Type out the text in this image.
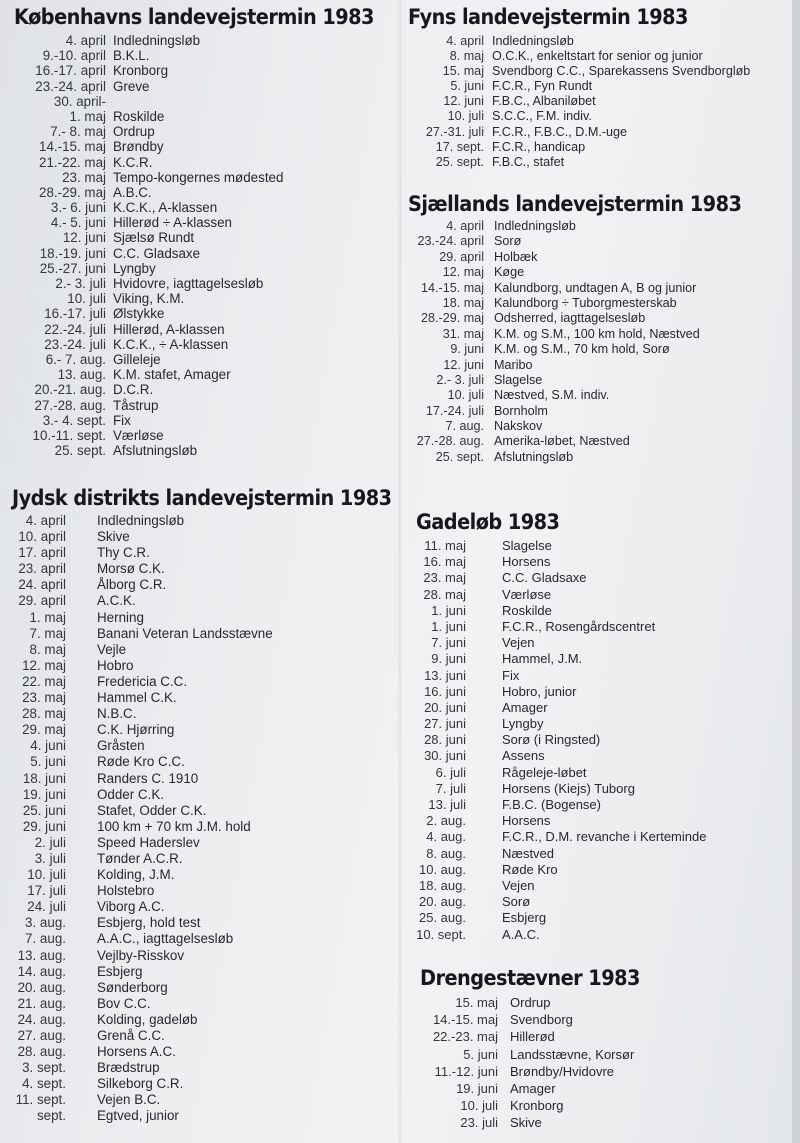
Københavns landevejstermin 1983
4. april Indledningsløb
9.-10. april B.K.L.
16.-17. april Kronborg
23.-24. april Greve
30. april-
1. maj Roskilde
7.- 8. maj Ordrup
14.-15. maj Brøndby
21.-22. maj K.C.R.
23. maj Tempo-kongernes mødested
28.-29. maj A.B.C.
3.- 6. juni K.C.K., A-klassen
4.- 5. juni Hillerød ÷ A-klassen
12. juni Sjælsø Rundt
18.-19. juni C.C. Gladsaxe
25.-27. juni Lyngby
2.- 3. juli Hvidovre, iagttagelsesløb
10. juli Viking, K.M.
16.-17. juli Ølstykke
22.-24. juli Hillerød, A-klassen
23.-24. juli K.C.K., ÷ A-klassen
6.- 7. aug. Gilleleje
13. aug. K.M. stafet, Amager
20.-21. aug. D.C.R.
27.-28. aug. Tåstrup
3.- 4. sept. Fix
10.-11. sept. Værløse
25. sept. Afslutningsløb
Jydsk distrikts landevejstermin 1983
4. april Indledningsløb
10. april Skive
17. april Thy C.R.
23. april Morsø C.K.
24. april Ålborg C.R.
29. april A.C.K.
1. maj Herning
7. maj Banani Veteran Landsstævne
8. maj Vejle
12. maj Hobro
22. maj Fredericia C.C.
23. maj Hammel C.K.
28. maj N.B.C.
29. maj C.K. Hjørring
4. juni Gråsten
5. juni Røde Kro C.C.
18. juni Randers C. 1910
19. juni Odder C.K.
25. juni Stafet, Odder C.K.
29. juni 100 km + 70 km J.M. hold
2. juli Speed Haderslev
3. juli Tønder A.C.R.
10. juli Kolding, J.M.
17. juli Holstebro
24. juli Viborg A.C.
3. aug. Esbjerg, hold test
7. aug. A.A.C., iagttagelsesløb
13. aug. Vejlby-Risskov
14. aug. Esbjerg
20. aug. Sønderborg
21. aug. Bov C.C.
24. aug. Kolding, gadeløb
27. aug. Grenå C.C.
28. aug. Horsens A.C.
3. sept. Brædstrup
4. sept. Silkeborg C.R.
11. sept. Vejen B.C.
sept. Egtved, junior
Fyns landevejstermin 1983
4. april Indledningsløb
8. maj O.C.K., enkeltstart for senior og junior
15. maj Svendborg C.C., Sparekassens Svendborgløb
5. juni F.C.R., Fyn Rundt
12. juni F.B.C., Albaniløbet
10. juli S.C.C., F.M. indiv.
27.-31. juli F.C.R., F.B.C., D.M.-uge
17. sept. F.C.R., handicap
25. sept. F.B.C., stafet
Sjællands landevejstermin 1983
4. april Indledningsløb
23.-24. april Sorø
29. april Holbæk
12. maj Køge
14.-15. maj Kalundborg, undtagen A, B og junior
18. maj Kalundborg ÷ Tuborgmesterskab
28.-29. maj Odsherred, iagttagelsesløb
31. maj K.M. og S.M., 100 km hold, Næstved
9. juni K.M. og S.M., 70 km hold, Sorø
12. juni Maribo
2.- 3. juli Slagelse
10. juli Næstved, S.M. indiv.
17.-24. juli Bornholm
7. aug. Nakskov
27.-28. aug. Amerika-løbet, Næstved
25. sept. Afslutningsløb
Gadeløb 1983
11. maj	Slagelse
16. maj	Horsens
23. maj	C.C. Gladsaxe
28. maj	Værløse
1. juni	Roskilde
1. juni	F.C.R., Rosengårdscentret
7. juni	Vejen
9. juni	Hammel, J.M.
13. juni	Fix
16. juni	Hobro, junior
20. juni	Amager
27. juni	Lyngby
28. juni	Sorø (i Ringsted)
30. juni	Assens
6. juli	Rågeleje-løbet
7. juli	Horsens (Kiejs) Tuborg
13. juli	F.B.C. (Bogense)
2. aug.	Horsens
4. aug.	F.C.R., D.M. revanche i Kerteminde
8. aug.	Næstved
10. aug.	Røde Kro
18. aug.	Vejen
20. aug.	Sorø
25. aug.	Esbjerg
10. sept.	A.A.C.
Drengestævner 1983
15. maj Ordrup
14.-15. maj Svendborg
22.-23. maj Hillerød
5. juni Landsstævne, Korsør
11.-12. juni Brøndby/Hvidovre
19. juni Amager
10. juli Kronborg
23. juli Skive
